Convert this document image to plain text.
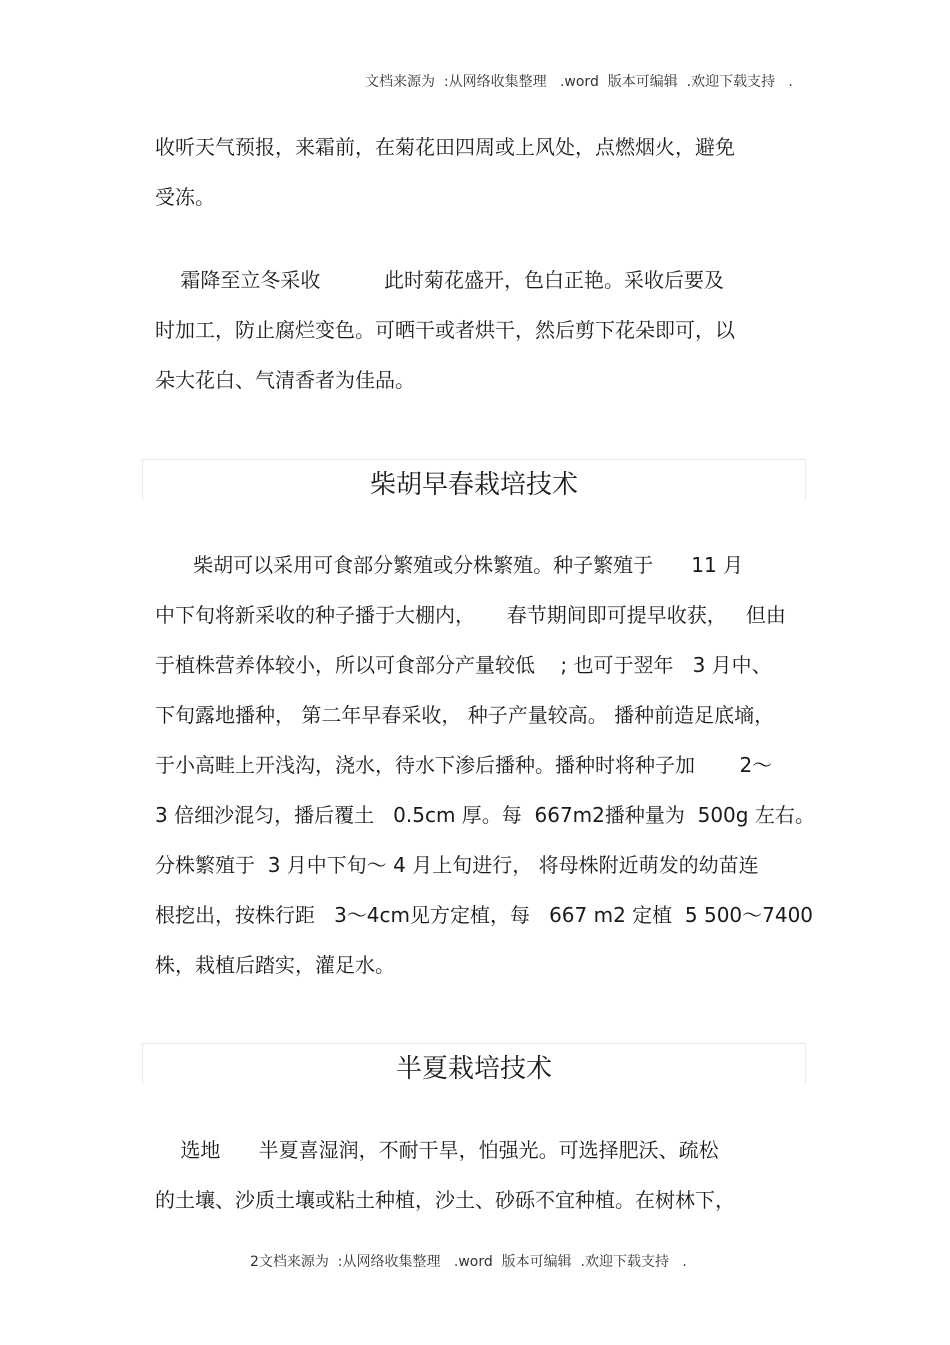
文档来源为  :从网络收集整理   .word  版本可编辑  .欢迎下载支持   .
收听天气预报，来霜前，在菊花田四周或上风处，点燃烟火，避免
受冻。
霜降至立冬采收          此时菊花盛开，色白正艳。采收后要及
时加工，防止腐烂变色。可晒干或者烘干，然后剪下花朵即可，以
朵大花白、气清香者为佳品。
柴胡早春栽培技术
柴胡可以采用可食部分繁殖或分株繁殖。种子繁殖于      11 月
中下旬将新采收的种子播于大棚内，     春节期间即可提早收获，   但由
于植株营养体较小，所以可食部分产量较低    ; 也可于翌年   3 月中、
下旬露地播种， 第二年早春采收， 种子产量较高。 播种前造足底墒，
于小高畦上开浅沟，浇水，待水下渗后播种。播种时将种子加       2～
3 倍细沙混匀，播后覆土   0.5cm 厚。每  667m2播种量为  500g 左右。
分株繁殖于  3 月中下旬～ 4 月上旬进行， 将母株附近萌发的幼苗连
根挖出，按株行距   3～4cm见方定植，每   667 m2 定植  5 500～7400
株，栽植后踏实，灌足水。
半夏栽培技术
选地      半夏喜湿润，不耐干旱，怕强光。可选择肥沃、疏松
的土壤、沙质土壤或粘土种植，沙土、砂砾不宜种植。在树林下，
2文档来源为  :从网络收集整理   .word  版本可编辑  .欢迎下载支持   .
